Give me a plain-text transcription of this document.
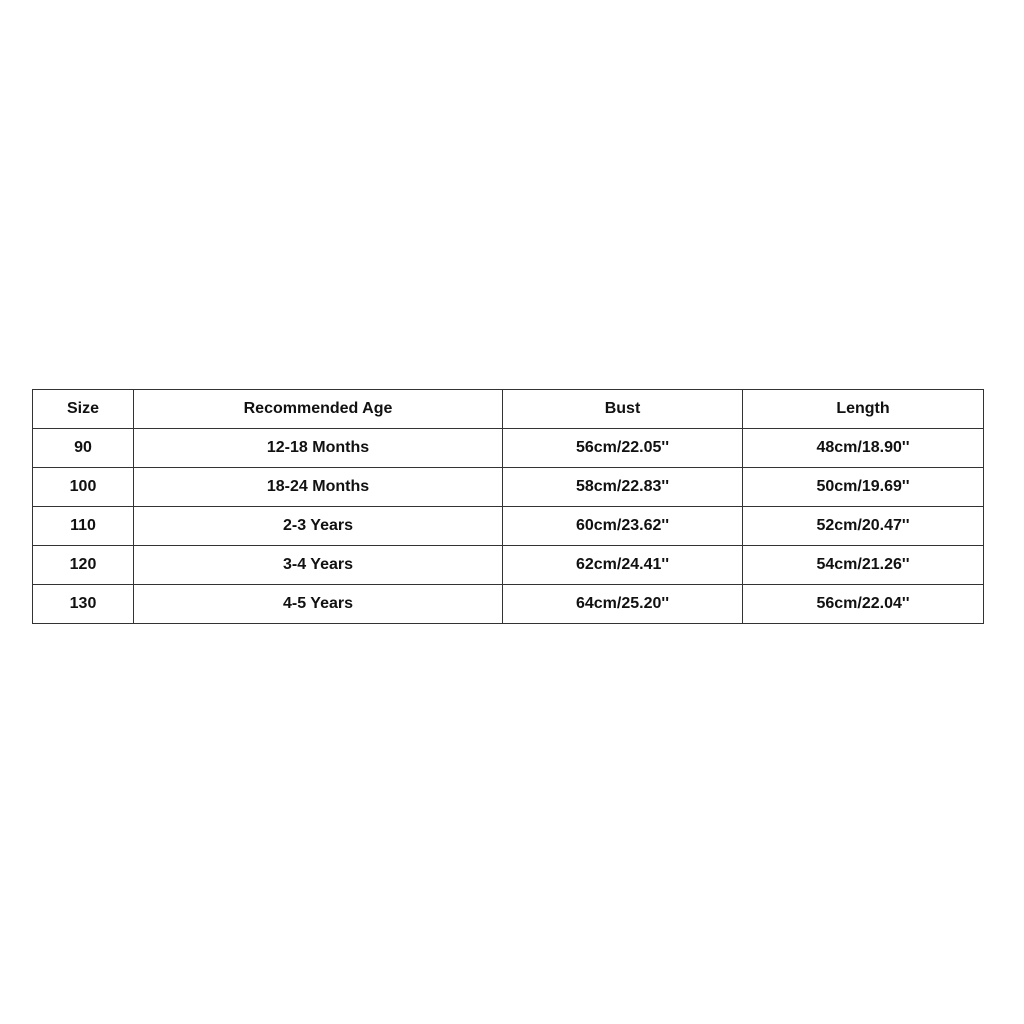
Size	Recommended Age	Bust	Length
90	12-18 Months	56cm/22.05''	48cm/18.90''
100	18-24 Months	58cm/22.83''	50cm/19.69''
110	2-3 Years	60cm/23.62''	52cm/20.47''
120	3-4 Years	62cm/24.41''	54cm/21.26''
130	4-5 Years	64cm/25.20''	56cm/22.04''
